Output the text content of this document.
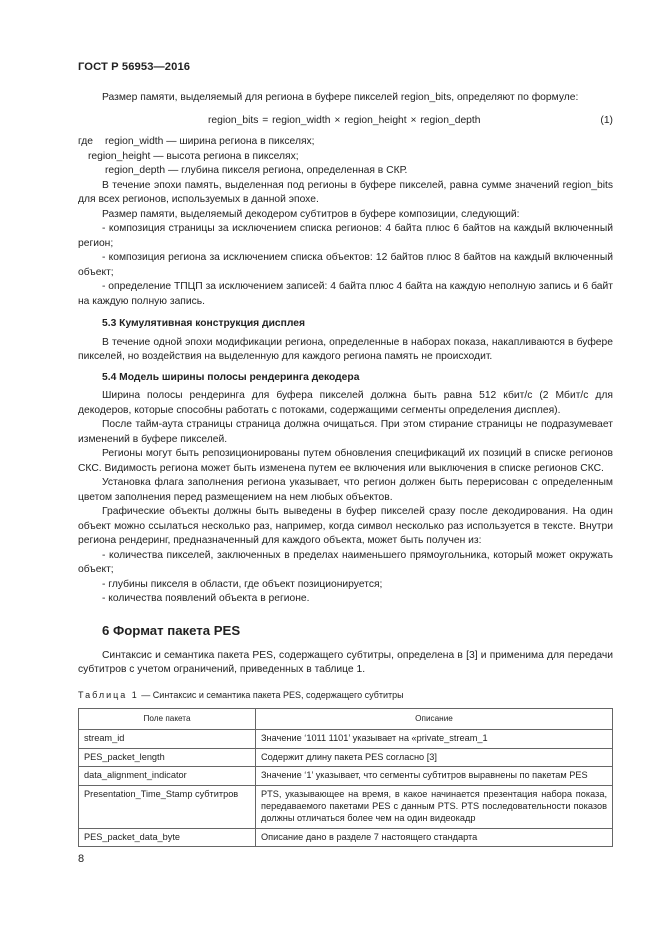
ГОСТ Р 56953—2016

Размер памяти, выделяемый для региона в буфере пикселей region_bits, определяют по формуле:

region_bits = region_width × region_height × region_depth	(1)

где region_width — ширина региона в пикселях;

region_height — высота региона в пикселях;

region_depth — глубина пикселя региона, определенная в СКР.

В течение эпохи память, выделенная под регионы в буфере пикселей, равна сумме значений region_bits для всех регионов, используемых в данной эпохе.

Размер памяти, выделяемый декодером субтитров в буфере композиции, следующий:

- композиция страницы за исключением списка регионов: 4 байта плюс 6 байтов на каждый включенный регион;

- композиция региона за исключением списка объектов: 12 байтов плюс 8 байтов на каждый включенный объект;

- определение ТПЦП за исключением записей: 4 байта плюс 4 байта на каждую неполную запись и 6 байт на каждую полную запись.

5.3 Кумулятивная конструкция дисплея

В течение одной эпохи модификации региона, определенные в наборах показа, накапливаются в буфере пикселей, но воздействия на выделенную для каждого региона память не происходит.

5.4 Модель ширины полосы рендеринга декодера

Ширина полосы рендеринга для буфера пикселей должна быть равна 512 кбит/с (2 Мбит/с для декодеров, которые способны работать с потоками, содержащими сегменты определения дисплея).

После тайм-аута страницы страница должна очищаться. При этом стирание страницы не подразумевает изменений в буфере пикселей.

Регионы могут быть репозиционированы путем обновления спецификаций их позиций в списке регионов СКС. Видимость региона может быть изменена путем ее включения или выключения в списке регионов СКС.

Установка флага заполнения региона указывает, что регион должен быть перерисован с определенным цветом заполнения перед размещением на нем любых объектов.

Графические объекты должны быть выведены в буфер пикселей сразу после декодирования. На один объект можно ссылаться несколько раз, например, когда символ несколько раз используется в тексте. Внутри региона рендеринг, предназначенный для каждого объекта, может быть получен из:

- количества пикселей, заключенных в пределах наименьшего прямоугольника, который может окружать объект;

- глубины пикселя в области, где объект позиционируется;

- количества появлений объекта в регионе.

6 Формат пакета PES

Синтаксис и семантика пакета PES, содержащего субтитры, определена в [3] и применима для передачи субтитров с учетом ограничений, приведенных в таблице 1.

Таблица 1 — Синтаксис и семантика пакета PES, содержащего субтитры

Поле пакета	Описание
stream_id	Значение ‘1011 1101’ указывает на «private_stream_1
PES_packet_length	Содержит длину пакета PES согласно [3]
data_alignment_indicator	Значение ‘1’ указывает, что сегменты субтитров выравнены по пакетам PES
Presentation_Time_Stamp субтитров	PTS, указывающее на время, в какое начинается презентация набора показа, передаваемого пакетами PES с данным PTS. PTS последовательности показов должны отличаться более чем на один видеокадр
PES_packet_data_byte	Описание дано в разделе 7 настоящего стандарта
8
